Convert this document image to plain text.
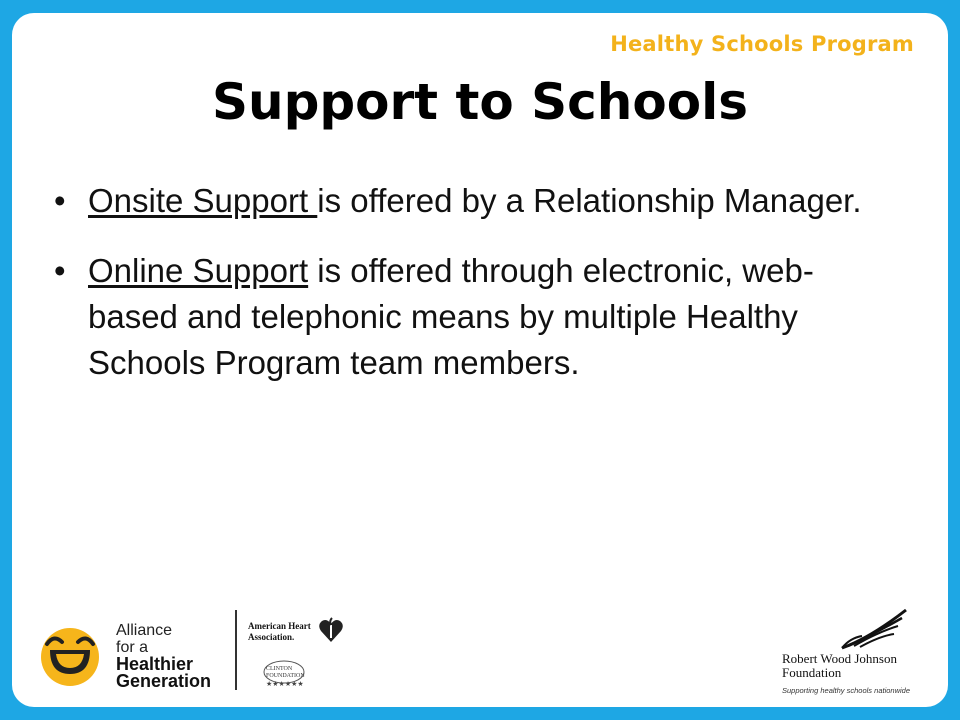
Healthy Schools Program
Support to Schools
• Onsite Support is offered by a Relationship Manager.
• Online Support is offered through electronic, web-based and telephonic means by multiple Healthy Schools Program team members.
Alliance
for a
Healthier
Generation
American Heart
Association.
★★★★★★
CLINTON
FOUNDATION
Robert Wood Johnson
Foundation
Supporting healthy schools nationwide
